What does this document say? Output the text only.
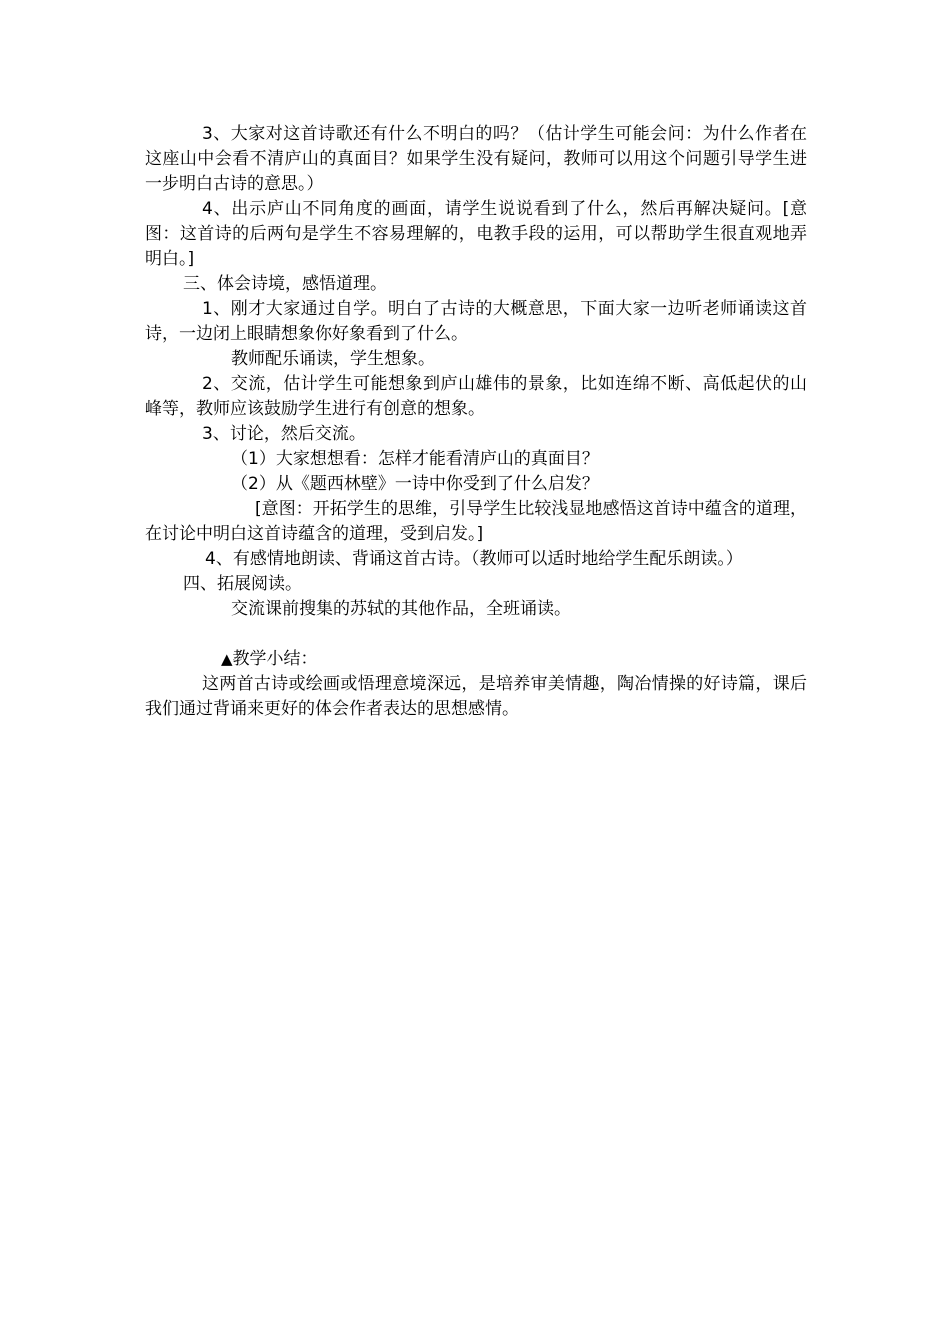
3、大家对这首诗歌还有什么不明白的吗？（估计学生可能会问：为什么作者在这座山中会看不清庐山的真面目？如果学生没有疑问，教师可以用这个问题引导学生进一步明白古诗的意思。）

4、出示庐山不同角度的画面，请学生说说看到了什么，然后再解决疑问。[意图：这首诗的后两句是学生不容易理解的，电教手段的运用，可以帮助学生很直观地弄明白。]

三、体会诗境，感悟道理。

1、刚才大家通过自学。明白了古诗的大概意思，下面大家一边听老师诵读这首诗，一边闭上眼睛想象你好象看到了什么。

教师配乐诵读，学生想象。

2、交流，估计学生可能想象到庐山雄伟的景象，比如连绵不断、高低起伏的山峰等，教师应该鼓励学生进行有创意的想象。

3、讨论，然后交流。

（1）大家想想看：怎样才能看清庐山的真面目？

（2）从《题西林壁》一诗中你受到了什么启发？

[意图：开拓学生的思维，引导学生比较浅显地感悟这首诗中蕴含的道理，在讨论中明白这首诗蕴含的道理，受到启发。]

4、有感情地朗读、背诵这首古诗。（教师可以适时地给学生配乐朗读。）

四、拓展阅读。

交流课前搜集的苏轼的其他作品，全班诵读。

▲教学小结：

这两首古诗或绘画或悟理意境深远，是培养审美情趣，陶冶情操的好诗篇，课后我们通过背诵来更好的体会作者表达的思想感情。
